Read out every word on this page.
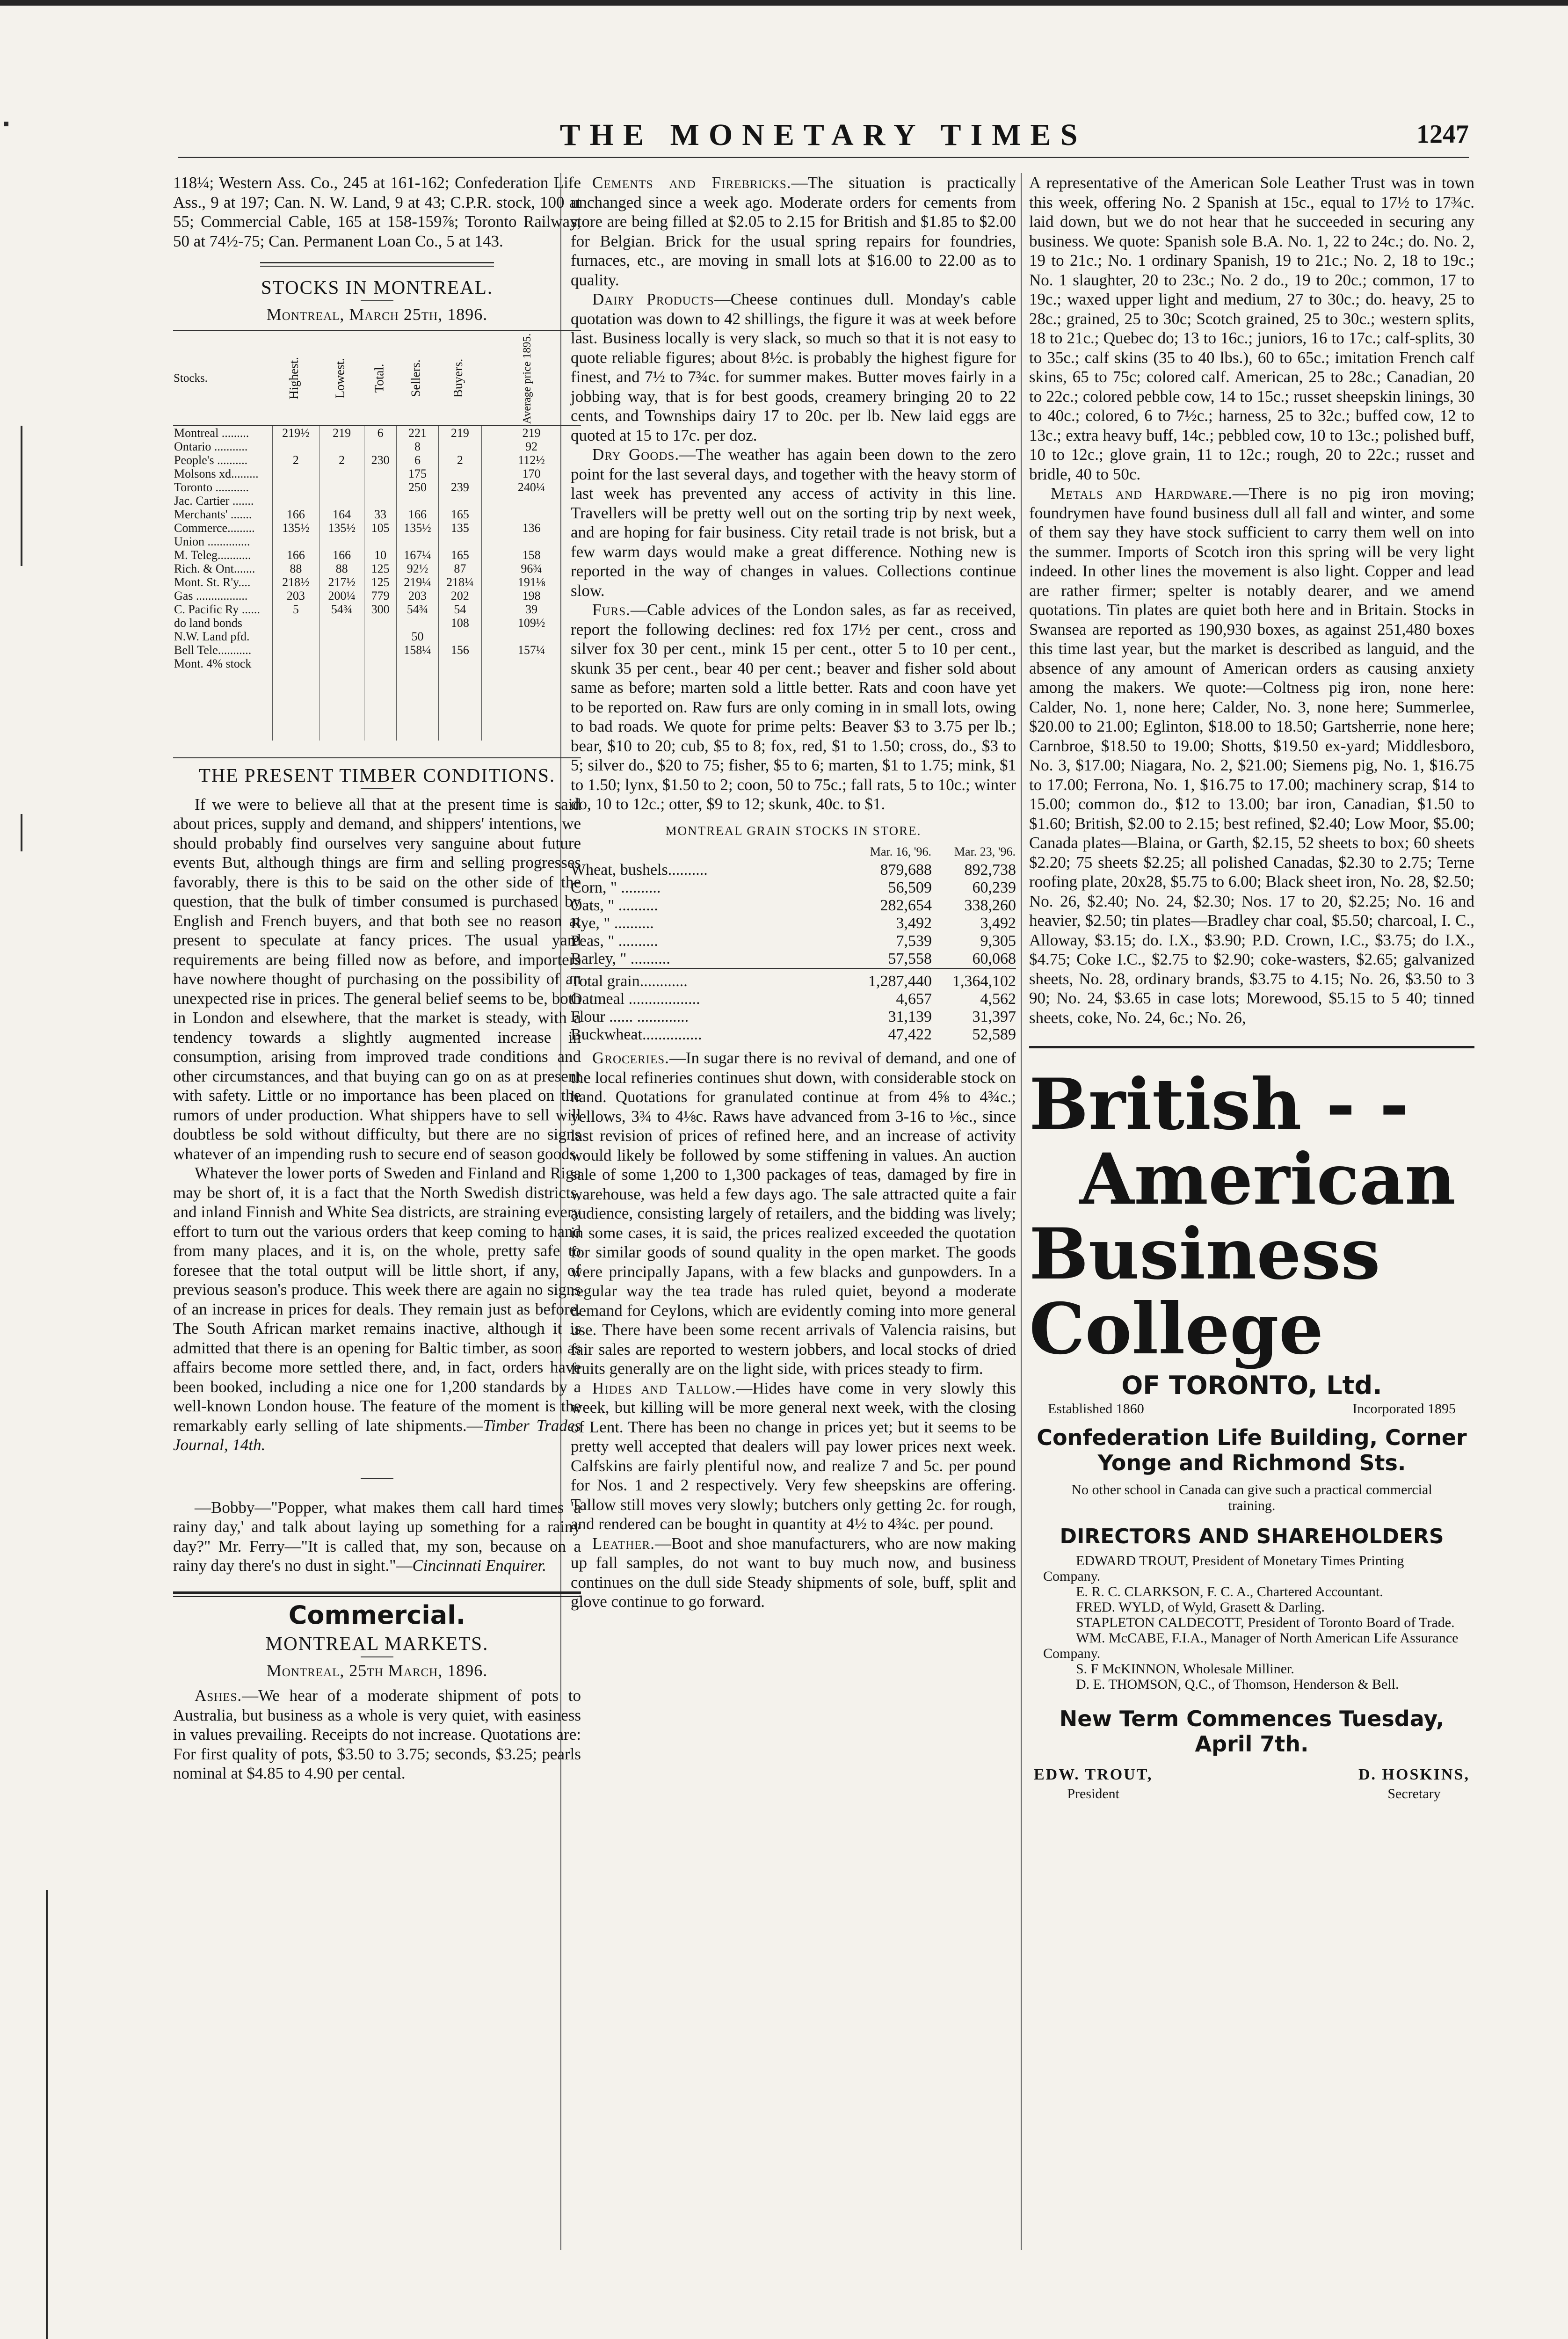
THE MONETARY TIMES	1247

118¼; Western Ass. Co., 245 at 161-162; Confederation Life Ass., 9 at 197; Can. N. W. Land, 9 at 43; C.P.R. stock, 100 at 55; Commercial Cable, 165 at 158-159⅞; Toronto Railway, 50 at 74½-75; Can. Permanent Loan Co., 5 at 143.

STOCKS IN MONTREAL.
Montreal, March 25th, 1896.
Stocks.	Highest.	Lowest.	Total.	Sellers.	Buyers.	Average price 1895.
Montreal .........	219½	219	6	221	219	219
Ontario ...........				8		92
People's ..........	2	2	230	6	2	112½
Molsons xd.........				175		170
Toronto ...........				250	239	240¼
Jac. Cartier .......						
Merchants' .......	166	164	33	166	165	
Commerce.........	135½	135½	105	135½	135	136
Union ..............						
M. Teleg...........	166	166	10	167¼	165	158
Rich. & Ont.......	88	88	125	92½	87	96¾
Mont. St. R'y....	218½	217½	125	219¼	218¼	191⅛
Gas .................	203	200¼	779	203	202	198
C. Pacific Ry ......	5	54¾	300	54¾	54	39
do land bonds					108	109½
N.W. Land pfd.				50		
Bell Tele...........				158¼	156	157¼
Mont. 4% stock						

THE PRESENT TIMBER CONDITIONS.

If we were to believe all that at the present time is said about prices, supply and demand, and shippers' intentions, we should probably find ourselves very sanguine about future events But, although things are firm and selling progresses favorably, there is this to be said on the other side of the question, that the bulk of timber consumed is purchased by English and French buyers, and that both see no reason at present to speculate at fancy prices. The usual yard requirements are being filled now as before, and importers have nowhere thought of purchasing on the possibility of an unexpected rise in prices. The general belief seems to be, both in London and elsewhere, that the market is steady, with a tendency towards a slightly augmented increase in consumption, arising from improved trade conditions and other circumstances, and that buying can go on as at present with safety. Little or no importance has been placed on the rumors of under production. What shippers have to sell will doubtless be sold without difficulty, but there are no signs whatever of an impending rush to secure end of season goods.

Whatever the lower ports of Sweden and Finland and Riga may be short of, it is a fact that the North Swedish districts, and inland Finnish and White Sea districts, are straining every effort to turn out the various orders that keep coming to hand from many places, and it is, on the whole, pretty safe to foresee that the total output will be little short, if any, of previous season's produce. This week there are again no signs of an increase in prices for deals. They remain just as before. The South African market remains inactive, although it is admitted that there is an opening for Baltic timber, as soon as affairs become more settled there, and, in fact, orders have been booked, including a nice one for 1,200 standards by a well-known London house. The feature of the moment is the remarkably early selling of late shipments.—Timber Trades Journal, 14th.

—Bobby—"Popper, what makes them call hard times 'a rainy day,' and talk about laying up something for a rainy day?" Mr. Ferry—"It is called that, my son, because on a rainy day there's no dust in sight."—Cincinnati Enquirer.

Commercial.
MONTREAL MARKETS.
Montreal, 25th March, 1896.

Ashes.—We hear of a moderate shipment of pots to Australia, but business as a whole is very quiet, with easiness in values prevailing. Receipts do not increase. Quotations are: For first quality of pots, $3.50 to 3.75; seconds, $3.25; pearls nominal at $4.85 to 4.90 per cental.

Cements and Firebricks.—The situation is practically unchanged since a week ago. Moderate orders for cements from store are being filled at $2.05 to 2.15 for British and $1.85 to $2.00 for Belgian. Brick for the usual spring repairs for foundries, furnaces, etc., are moving in small lots at $16.00 to 22.00 as to quality.

Dairy Products—Cheese continues dull. Monday's cable quotation was down to 42 shillings, the figure it was at week before last. Business locally is very slack, so much so that it is not easy to quote reliable figures; about 8½c. is probably the highest figure for finest, and 7½ to 7¾c. for summer makes. Butter moves fairly in a jobbing way, that is for best goods, creamery bringing 20 to 22 cents, and Townships dairy 17 to 20c. per lb. New laid eggs are quoted at 15 to 17c. per doz.

Dry Goods.—The weather has again been down to the zero point for the last several days, and together with the heavy storm of last week has prevented any access of activity in this line. Travellers will be pretty well out on the sorting trip by next week, and are hoping for fair business. City retail trade is not brisk, but a few warm days would make a great difference. Nothing new is reported in the way of changes in values. Collections continue slow.

Furs.—Cable advices of the London sales, as far as received, report the following declines: red fox 17½ per cent., cross and silver fox 30 per cent., mink 15 per cent., otter 5 to 10 per cent., skunk 35 per cent., bear 40 per cent.; beaver and fisher sold about same as before; marten sold a little better. Rats and coon have yet to be reported on. Raw furs are only coming in in small lots, owing to bad roads. We quote for prime pelts: Beaver $3 to 3.75 per lb.; bear, $10 to 20; cub, $5 to 8; fox, red, $1 to 1.50; cross, do., $3 to 5; silver do., $20 to 75; fisher, $5 to 6; marten, $1 to 1.75; mink, $1 to 1.50; lynx, $1.50 to 2; coon, 50 to 75c.; fall rats, 5 to 10c.; winter do, 10 to 12c.; otter, $9 to 12; skunk, 40c. to $1.

MONTREAL GRAIN STOCKS IN STORE.
	Mar. 16, '96.	Mar. 23, '96.
Wheat, bushels..........	879,688	892,738
Corn, " ..........	56,509	60,239
Oats, " ..........	282,654	338,260
Rye, " ..........	3,492	3,492
Peas, " ..........	7,539	9,305
Barley, " ..........	57,558	60,068
Total grain............	1,287,440	1,364,102
Oatmeal ..................	4,657	4,562
Flour ...... .............	31,139	31,397
Buckwheat...............	47,422	52,589

Groceries.—In sugar there is no revival of demand, and one of the local refineries continues shut down, with considerable stock on hand. Quotations for granulated continue at from 4⅝ to 4¾c.; yellows, 3¾ to 4⅛c. Raws have advanced from 3-16 to ⅛c., since last revision of prices of refined here, and an increase of activity would likely be followed by some stiffening in values. An auction sale of some 1,200 to 1,300 packages of teas, damaged by fire in warehouse, was held a few days ago. The sale attracted quite a fair audience, consisting largely of retailers, and the bidding was lively; in some cases, it is said, the prices realized exceeded the quotation for similar goods of sound quality in the open market. The goods were principally Japans, with a few blacks and gunpowders. In a regular way the tea trade has ruled quiet, beyond a moderate demand for Ceylons, which are evidently coming into more general use. There have been some recent arrivals of Valencia raisins, but fair sales are reported to western jobbers, and local stocks of dried fruits generally are on the light side, with prices steady to firm.

Hides and Tallow.—Hides have come in very slowly this week, but killing will be more general next week, with the closing of Lent. There has been no change in prices yet; but it seems to be pretty well accepted that dealers will pay lower prices next week. Calfskins are fairly plentiful now, and realize 7 and 5c. per pound for Nos. 1 and 2 respectively. Very few sheepskins are offering. Tallow still moves very slowly; butchers only getting 2c. for rough, and rendered can be bought in quantity at 4½ to 4¾c. per pound.

Leather.—Boot and shoe manufacturers, who are now making up fall samples, do not want to buy much now, and business continues on the dull side Steady shipments of sole, buff, split and glove continue to go forward.

A representative of the American Sole Leather Trust was in town this week, offering No. 2 Spanish at 15c., equal to 17½ to 17¾c. laid down, but we do not hear that he succeeded in securing any business. We quote: Spanish sole B.A. No. 1, 22 to 24c.; do. No. 2, 19 to 21c.; No. 1 ordinary Spanish, 19 to 21c.; No. 2, 18 to 19c.; No. 1 slaughter, 20 to 23c.; No. 2 do., 19 to 20c.; common, 17 to 19c.; waxed upper light and medium, 27 to 30c.; do. heavy, 25 to 28c.; grained, 25 to 30c; Scotch grained, 25 to 30c.; western splits, 18 to 21c.; Quebec do; 13 to 16c.; juniors, 16 to 17c.; calf-splits, 30 to 35c.; calf skins (35 to 40 lbs.), 60 to 65c.; imitation French calf skins, 65 to 75c; colored calf. American, 25 to 28c.; Canadian, 20 to 22c.; colored pebble cow, 14 to 15c.; russet sheepskin linings, 30 to 40c.; colored, 6 to 7½c.; harness, 25 to 32c.; buffed cow, 12 to 13c.; extra heavy buff, 14c.; pebbled cow, 10 to 13c.; polished buff, 10 to 12c.; glove grain, 11 to 12c.; rough, 20 to 22c.; russet and bridle, 40 to 50c.

Metals and Hardware.—There is no pig iron moving; foundrymen have found business dull all fall and winter, and some of them say they have stock sufficient to carry them well on into the summer. Imports of Scotch iron this spring will be very light indeed. In other lines the movement is also light. Copper and lead are rather firmer; spelter is notably dearer, and we amend quotations. Tin plates are quiet both here and in Britain. Stocks in Swansea are reported as 190,930 boxes, as against 251,480 boxes this time last year, but the market is described as languid, and the absence of any amount of American orders as causing anxiety among the makers. We quote:—Coltness pig iron, none here: Calder, No. 1, none here; Calder, No. 3, none here; Summerlee, $20.00 to 21.00; Eglinton, $18.00 to 18.50; Gartsherrie, none here; Carnbroe, $18.50 to 19.00; Shotts, $19.50 ex-yard; Middlesboro, No. 3, $17.00; Niagara, No. 2, $21.00; Siemens pig, No. 1, $16.75 to 17.00; Ferrona, No. 1, $16.75 to 17.00; machinery scrap, $14 to 15.00; common do., $12 to 13.00; bar iron, Canadian, $1.50 to $1.60; British, $2.00 to 2.15; best refined, $2.40; Low Moor, $5.00; Canada plates—Blaina, or Garth, $2.15, 52 sheets to box; 60 sheets $2.20; 75 sheets $2.25; all polished Canadas, $2.30 to 2.75; Terne roofing plate, 20x28, $5.75 to 6.00; Black sheet iron, No. 28, $2.50; No. 26, $2.40; No. 24, $2.30; Nos. 17 to 20, $2.25; No. 16 and heavier, $2.50; tin plates—Bradley char coal, $5.50; charcoal, I. C., Alloway, $3.15; do. I.X., $3.90; P.D. Crown, I.C., $3.75; do I.X., $4.75; Coke I.C., $2.75 to $2.90; coke-wasters, $2.65; galvanized sheets, No. 28, ordinary brands, $3.75 to 4.15; No. 26, $3.50 to 3 90; No. 24, $3.65 in case lots; Morewood, $5.15 to 5 40; tinned sheets, coke, No. 24, 6c.; No. 26,

British - -
American
Business College
OF TORONTO, Ltd.
Established 1860	Incorporated 1895
Confederation Life Building, Corner Yonge and Richmond Sts.
No other school in Canada can give such a practical commercial training.
DIRECTORS AND SHAREHOLDERS
EDWARD TROUT, President of Monetary Times Printing Company.
E. R. C. CLARKSON, F. C. A., Chartered Accountant.
FRED. WYLD, of Wyld, Grasett & Darling.
STAPLETON CALDECOTT, President of Toronto Board of Trade.
WM. McCABE, F.I.A., Manager of North American Life Assurance Company.
S. F McKINNON, Wholesale Milliner.
D. E. THOMSON, Q.C., of Thomson, Henderson & Bell.
New Term Commences Tuesday, April 7th.
EDW. TROUT,
President
D. HOSKINS,
Secretary
